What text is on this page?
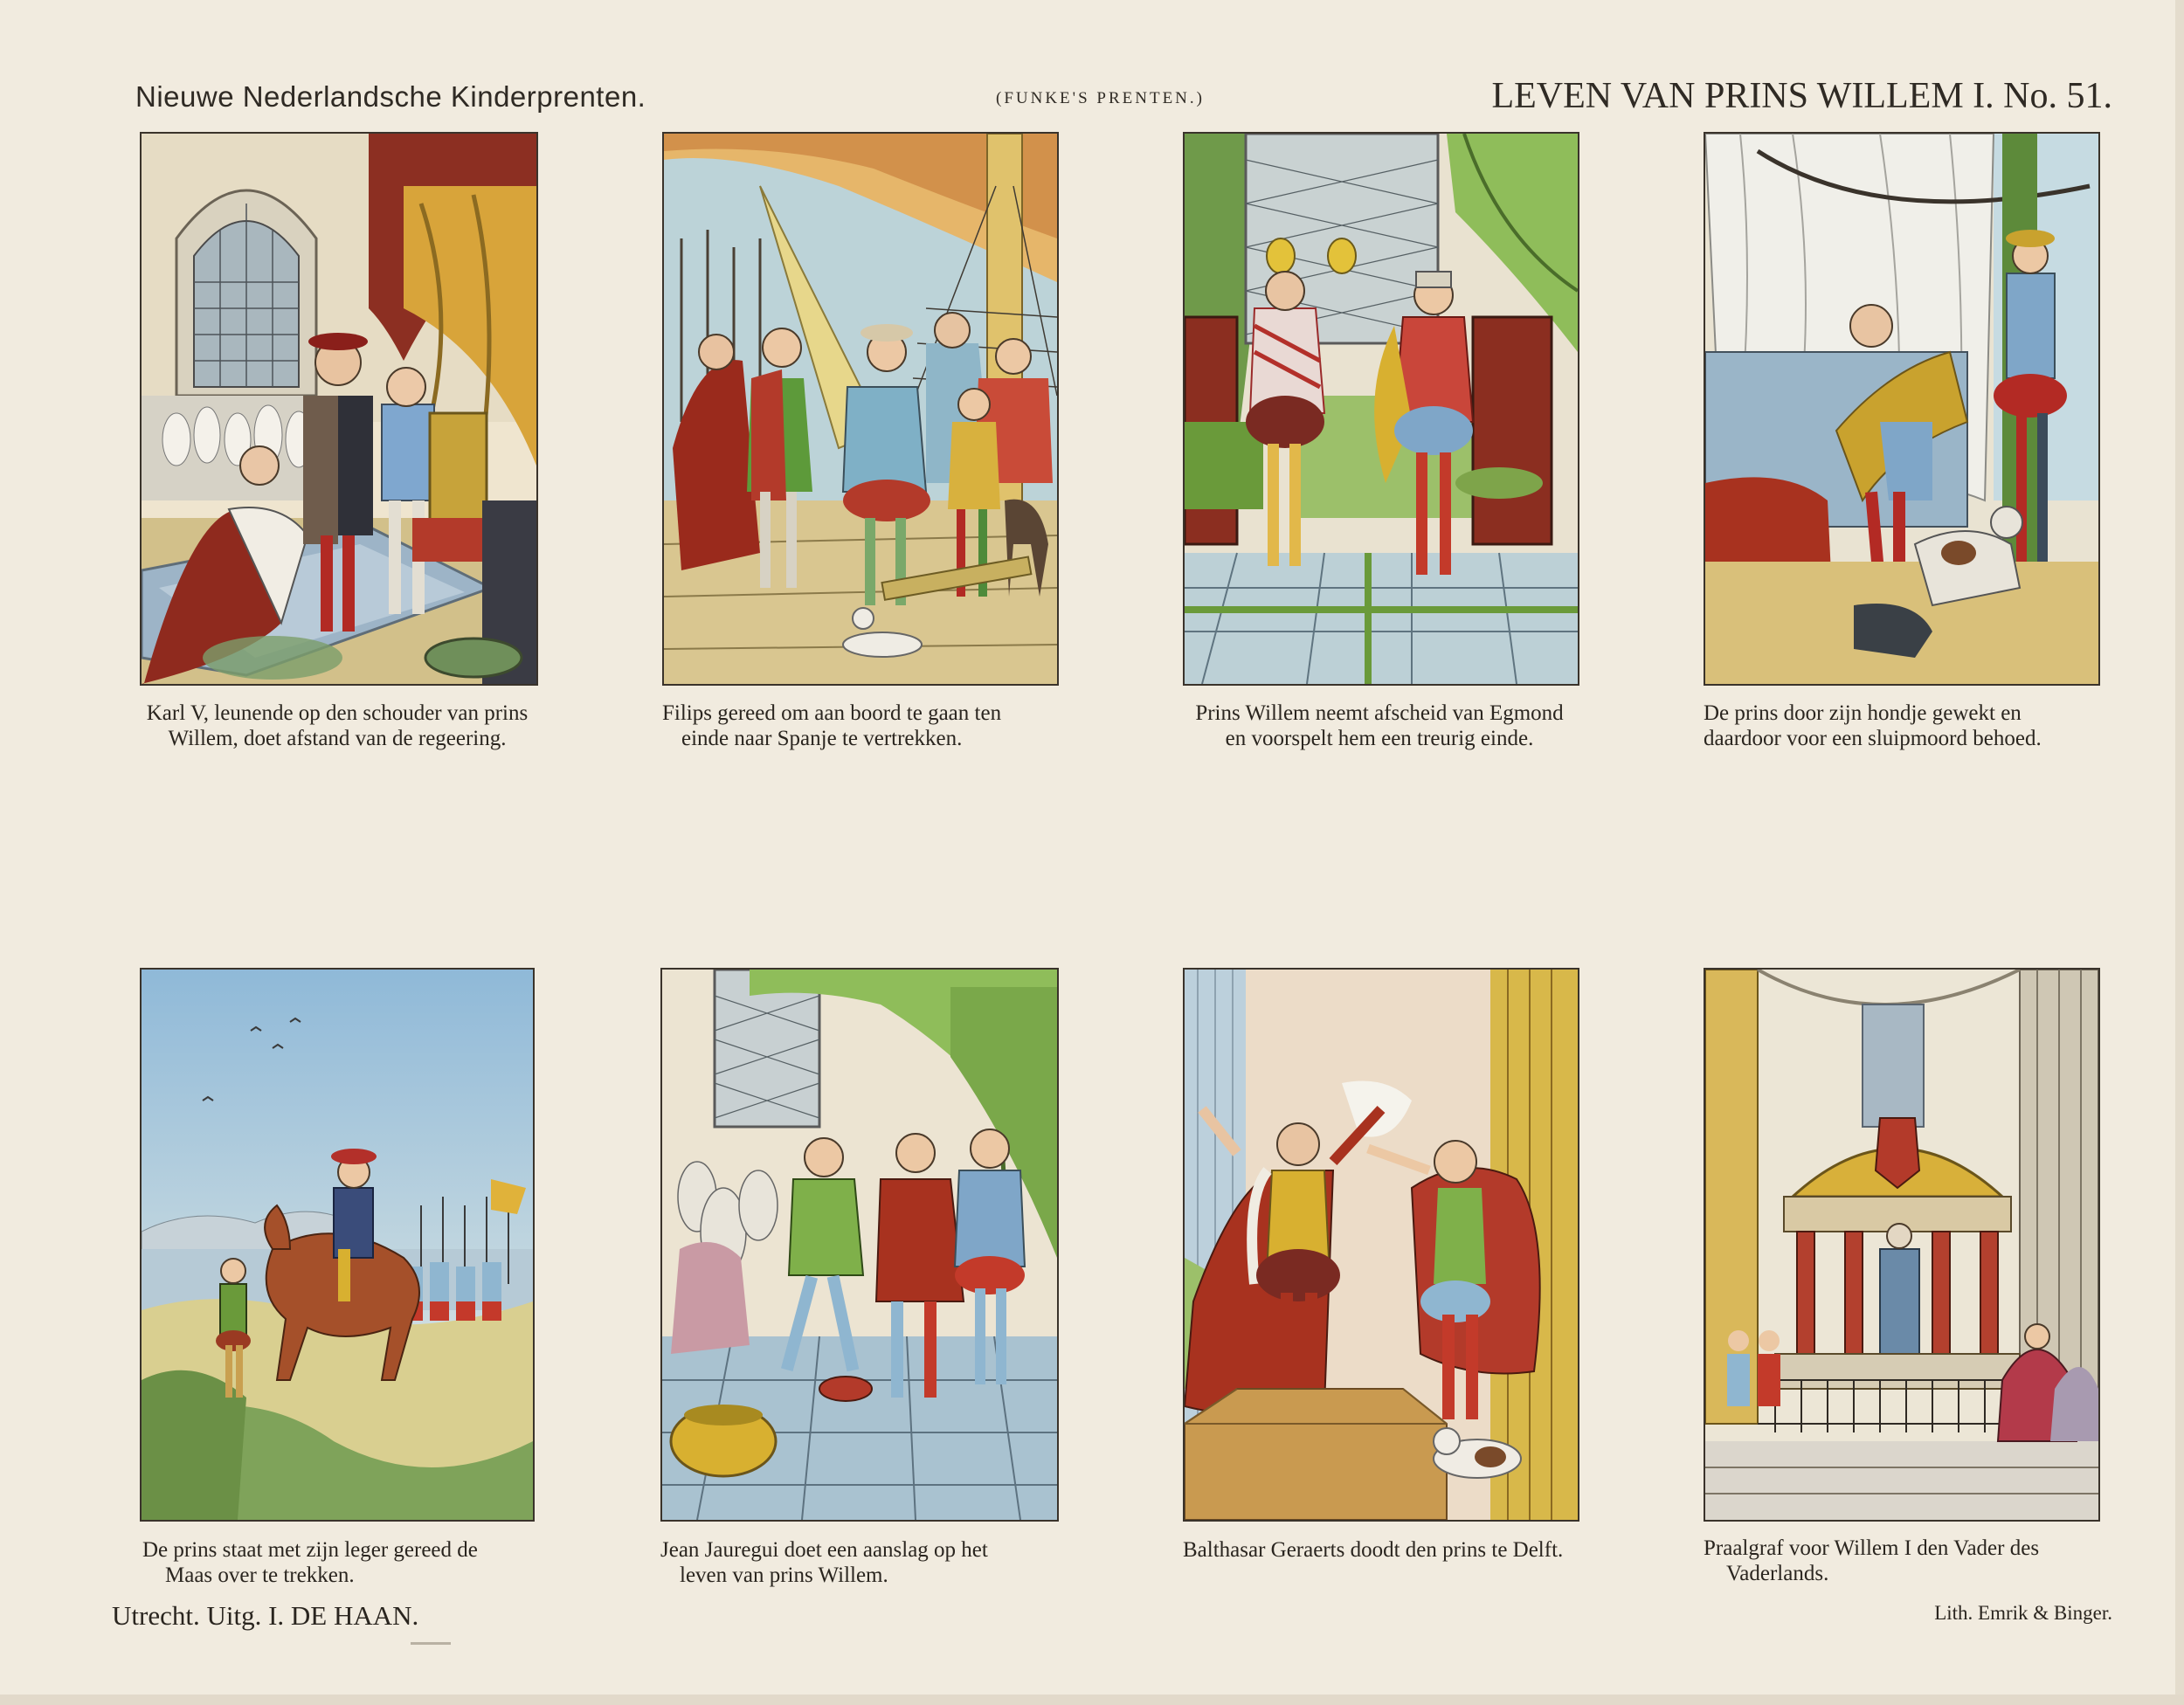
Nieuwe Nederlandsche Kinderprenten.	(FUNKE'S PRENTEN.)	LEVEN VAN PRINS WILLEM I. No. 51.
Karl V, leunende op den schouder van prins
Willem, doet afstand van de regeering.
Filips gereed om aan boord te gaan ten
einde naar Spanje te vertrekken.
Prins Willem neemt afscheid van Egmond
en voorspelt hem een treurig einde.
De prins door zijn hondje gewekt en
daardoor voor een sluipmoord behoed.
De prins staat met zijn leger gereed de
Maas over te trekken.
Jean Jauregui doet een aanslag op het
leven van prins Willem.
Balthasar Geraerts doodt den prins te Delft.	Praalgraf voor Willem I den Vader des
Vaderlands.
Utrecht. Uitg. I. DE HAAN.	Lith. Emrik & Binger.
